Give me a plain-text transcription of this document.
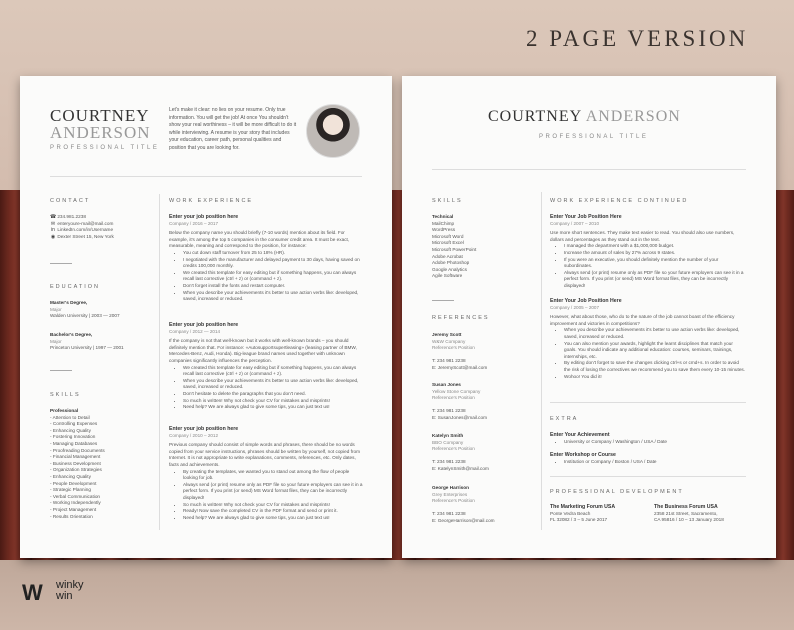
2 PAGE VERSION
COURTNEY
ANDERSON
PROFESSIONAL TITLE
Let's make it clear: no lies on your resume. Only true information. You will get the job! At once You shouldn't show your real worthiness – it will be more difficult to do it while interviewing. A resume is your story that includes your education, career path, personal qualities and position that you are looking for.
CONTACT
☎ 234.981.2238
✉ enteryoure-mail@mail.com
in LinkedIn.com/in/Username
◉ Dexter Street 15, New York
EDUCATION
Master's Degree,
Major
Walden University | 2003 — 2007
Bachelor's Degree,
Major
Princeton University | 1997 — 2001
SKILLS
Professional
- Attention to Detail
- Controlling Expenses
- Enhancing Quality
- Fostering Innovation
- Managing Databases
- Proofreading Documents
- Financial Management
- Business Development
- Organization Strategies
- Enhancing Quality
- People Development
- Strategic Planning
- Verbal Communication
- Working Independently
- Project Management
- Results Orientation
WORK EXPERIENCE
Enter your job position here
Company / 2016 – 2017
Below the company name you should briefly (7-10 words) mention about its field. For example, it's among the top 5 companies in the consumer credit area. It must be exact, measurable, meaning and correspond to the position, for instance:
• You cut down staff turnover from 25 to 18% (HR).
• I negotiated with the manufacturer and delayed payment to 30 days, having saved on credits 100,000 monthly.
• We created this template for easy editing but if something happens, you can always recall last corrective (ctrl + z) or (command + z).
• Don't forget install the fonts and restart computer.
• When you describe your achievements it's better to use action verbs like: developed, saved, increased or reduced.
Enter your job position here
Company / 2012 — 2014
If the company is not that well-known but it works with well-known brands – you should definitely mention that. For instance: «Autosupportsupertleasing» (leasing partner of BMW, Mercedes-Benz, Audi, Honda). Big-league brand names used together with unknown companies significantly influences the perception.
• We created this template for easy editing but if something happens, you can always recall last corrective (ctrl + z) or (command + z).
• When you describe your achievements it's better to use action verbs like: developed, saved, increased or reduced.
• Don't hesitate to delete the paragraphs that you don't need.
• So much is written! Why not check your CV for mistakes and misprints!
• Need help? We are always glad to give some tips, you can just text us!
Enter your job position here
Company / 2010 – 2012
Previous company should consist of simple words and phrases, there should be no words copied from your service instructions, phrases should be written by yourself, not copied from Internet. It is not appropriate to write explanations, comments, references, etc. Only dates, facts and achievements.
• By creating the templates, we wanted you to stand out among the flow of people looking for job.
• Always send (or print) resume only as PDF file so your future employers can see it in a perfect form. If you print (or send) MS Word format files, they can be incorrectly displayed!
• So much is written! Why not check your CV for mistakes and misprints!
• Ready! Now save the completed CV in the PDF format and send or print it.
• Need help? We are always glad to give some tips, you can just text us!
COURTNEY ANDERSON
PROFESSIONAL TITLE
SKILLS
Technical
MailChimp
WordPress
Microsoft Word
Microsoft Excel
Microsoft PowerPoint
Adobe Acrobat
Adobe Photoshop
Google Analytics
Agile Software
REFERENCES
Jeremy Scott
W&W Company
Reference's Position

T: 234 981 2238
E: JeremyScott@mail.com
Susan Jones
Yellow Stone Company
Reference's Position

T: 234 981 2238
E: SusanJones@mail.com
Katelyn Smith
BBO Company
Reference's Position

T: 234 981 2238
E: KatelynSmith@mail.com
George Harrison
Grey Enterprises
Reference's Position

T: 234 981 2238
E: GeorgeHarrison@mail.com
WORK EXPERIENCE CONTINUED
Enter Your Job Position Here
Company / 2007 – 2010
Use more short sentences. They make text easier to read. You should also use numbers, dollars and percentages as they stand out in the text.
• I managed the department with a $1,000,000 budget.
• Increase the amount of sales by 27% across 9 states.
• If you were an executive, you should definitely mention the number of your subordinates.
• Always send (or print) resume only as PDF file so your future employers can see it in a perfect form. If you print (or send) MS Word format files, they can be incorrectly displayed!
Enter Your Job Position Here
Company / 2005 – 2007
However, what about those, who do to the nature of the job cannot boast of the efficiency improvement and victories in competitions?
• When you describe your achievements it's better to use action verbs like: developed, saved, increased or reduced.
• You can also mention your awards, highlight the learnt disciplines that match your goals. You should indicate any additional education: courses, seminars, trainings, internships, etc.
• By editing don't forget to save the changes clicking ctrl+s or cmd+s. In order to avoid the risk of losing the correctives we recommend you to save them every 10-15 minutes.
• Wohoo! You did it!
EXTRA
Enter Your Achievement
• University or Company / Washington / USA / Date
Enter Workshop or Course
• Institution or Company / Boston / USA / Date
PROFESSIONAL DEVELOPMENT
The Marketing Forum USA
Ponte Vedra Beach
FL 32082 / 3 – 5 June 2017
The Business Forum USA
2358 21st Street, Sacramento,
CA 95816 / 10 – 13 January 2018
W	winky
win
